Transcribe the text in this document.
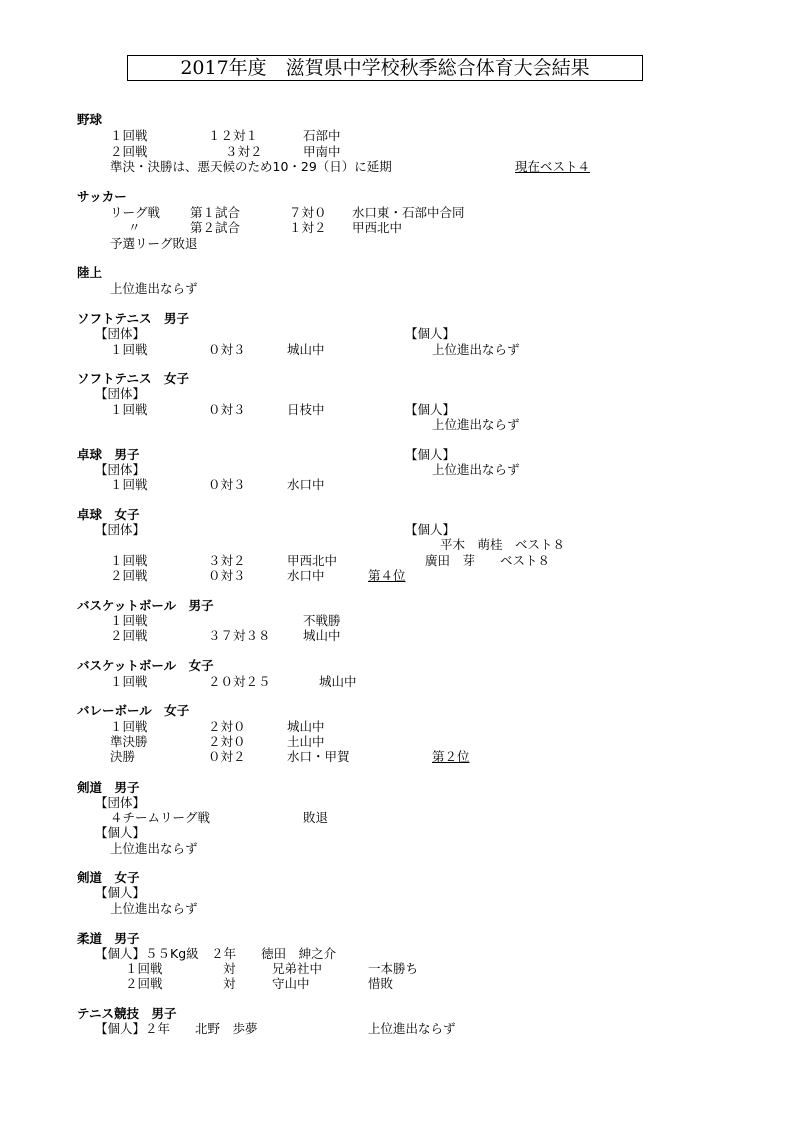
2017年度　滋賀県中学校秋季総合体育大会結果
野球
１回戦	１２対１	石部中
２回戦	３対２	甲南中
準決・決勝は、悪天候のため10・29（日）に延期	現在ベスト４
サッカー
リーグ戦 第１試合	７対０ 水口東・石部中合同
〃	第２試合	１対２ 甲西北中
予選リーグ敗退
陸上
上位進出ならず
ソフトテニス　男子
【団体】	【個人】
１回戦	０対３	城山中	上位進出ならず
ソフトテニス　女子
【団体】
１回戦	０対３	日枝中	【個人】
上位進出ならず
卓球　男子	【個人】
【団体】	上位進出ならず
１回戦	０対３	水口中
卓球　女子
【団体】	【個人】
平木　萌桂　ベスト８
１回戦	３対２	甲西北中	廣田　芽　　ベスト８
２回戦	０対３	水口中	第４位
バスケットボール　男子
１回戦	不戦勝
２回戦	３７対３８	城山中
バスケットボール　女子
１回戦	２０対２５	城山中
バレーボール　女子
１回戦	２対０	城山中
準決勝	２対０	土山中
決勝	０対２	水口・甲賀	第２位
剣道　男子
【団体】
４チームリーグ戦	敗退
【個人】
上位進出ならず
剣道　女子
【個人】
上位進出ならず
柔道　男子
【個人】５５Kg級　２年　　徳田　紳之介
１回戦	対	兄弟社中	一本勝ち
２回戦	対	守山中	惜敗
テニス競技　男子
【個人】２年　　北野　歩夢	上位進出ならず
